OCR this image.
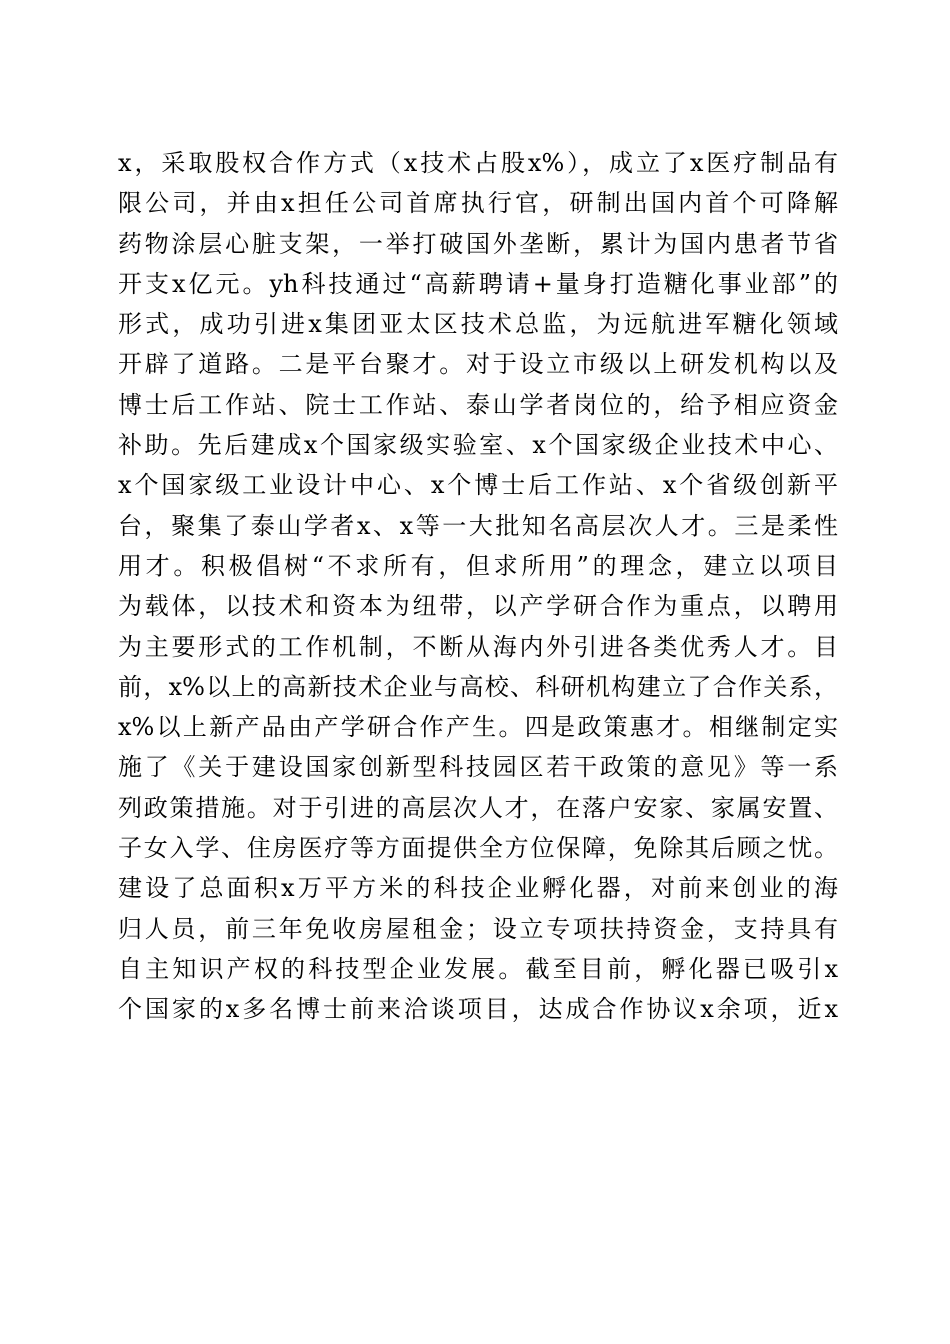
x，采取股权合作方式（x技术占股x%），成立了x医疗制品有
限公司，并由x担任公司首席执行官，研制出国内首个可降解
药物涂层心脏支架，一举打破国外垄断，累计为国内患者节省
开支x亿元。yh科技通过“高薪聘请+量身打造糖化事业部”的
形式，成功引进x集团亚太区技术总监，为远航进军糖化领域
开辟了道路。二是平台聚才。对于设立市级以上研发机构以及
博士后工作站、院士工作站、泰山学者岗位的，给予相应资金
补助。先后建成x个国家级实验室、x个国家级企业技术中心、
x个国家级工业设计中心、x个博士后工作站、x个省级创新平
台，聚集了泰山学者x、x等一大批知名高层次人才。三是柔性
用才。积极倡树“不求所有，但求所用”的理念，建立以项目
为载体，以技术和资本为纽带，以产学研合作为重点，以聘用
为主要形式的工作机制，不断从海内外引进各类优秀人才。目
前，x%以上的高新技术企业与高校、科研机构建立了合作关系，
x%以上新产品由产学研合作产生。四是政策惠才。相继制定实
施了《关于建设国家创新型科技园区若干政策的意见》等一系
列政策措施。对于引进的高层次人才，在落户安家、家属安置、
子女入学、住房医疗等方面提供全方位保障，免除其后顾之忧。
建设了总面积x万平方米的科技企业孵化器，对前来创业的海
归人员，前三年免收房屋租金；设立专项扶持资金，支持具有
自主知识产权的科技型企业发展。截至目前，孵化器已吸引x
个国家的x多名博士前来洽谈项目，达成合作协议x余项，近x
